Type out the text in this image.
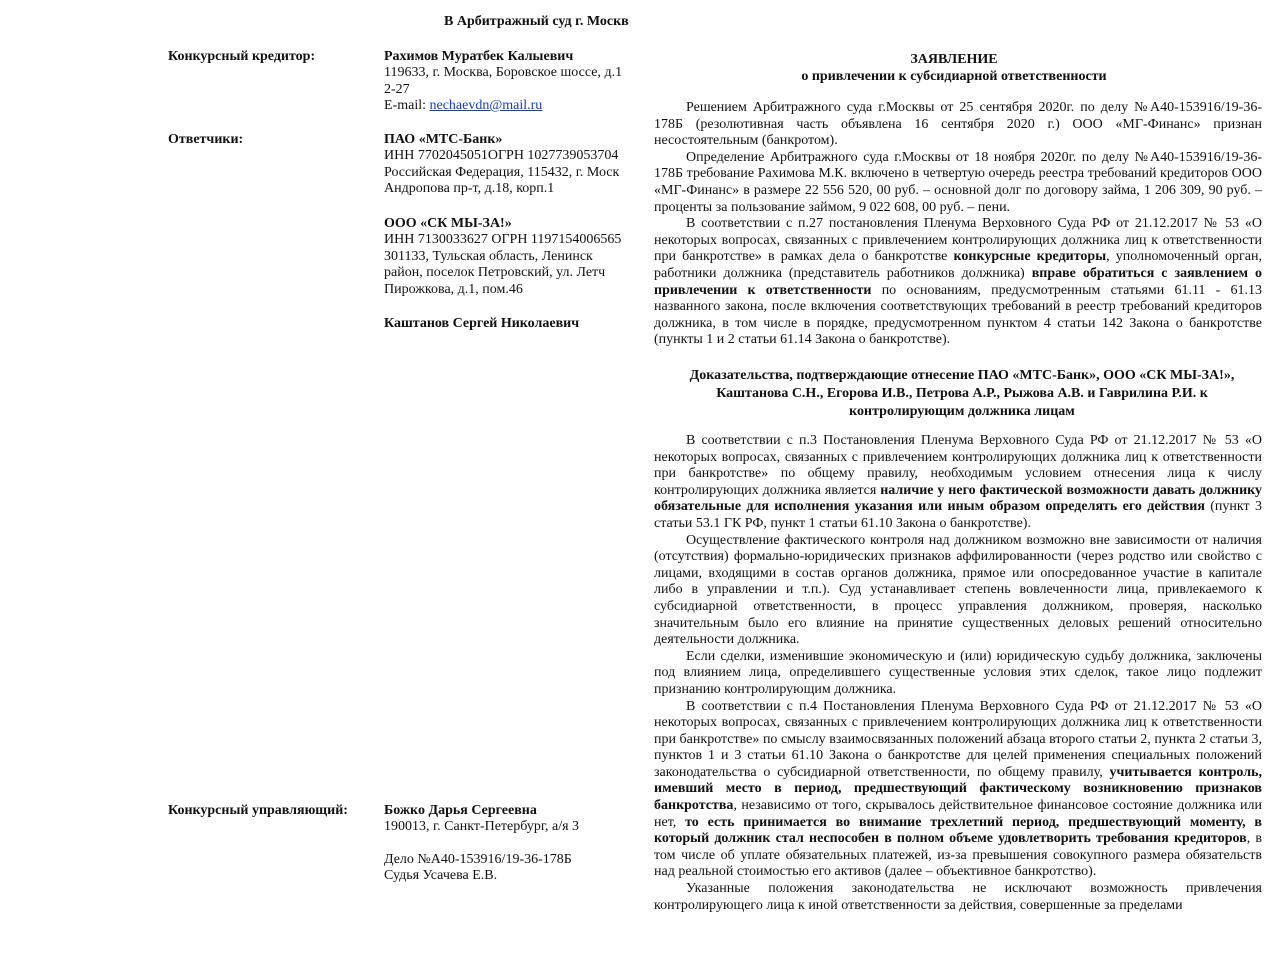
В Арбитражный суд г. Москв
Конкурсный кредитор:	Рахимов Муратбек Калыевич
119633, г. Москва, Боровское шоссе, д.1
2-27
E-mail: nechaevdn@mail.ru
Ответчики:	ПАО «МТС-Банк»
ИНН 7702045051ОГРН 1027739053704
Российская Федерация, 115432, г. Моск
Андропова пр-т, д.18, корп.1
ООО «СК МЫ-ЗА!»
ИНН 7130033627 ОГРН 1197154006565
301133, Тульская область, Ленинск
район, поселок Петровский, ул. Летч
Пирожкова, д.1, пом.46
Каштанов Сергей Николаевич
Конкурсный управляющий:	Божко Дарья Сергеевна
190013, г. Санкт-Петербург, а/я 3
Дело №А40-153916/19-36-178Б
Судья Усачева Е.В.
ЗАЯВЛЕНИЕ
о привлечении к субсидиарной ответственности

Решением Арбитражного суда г.Москвы от 25 сентября 2020г. по делу №А40-153916/19-36-178Б (резолютивная часть объявлена 16 сентября 2020 г.) ООО «МГ-Финанс» признан несостоятельным (банкротом).

Определение Арбитражного суда г.Москвы от 18 ноября 2020г. по делу №А40-153916/19-36-178Б требование Рахимова М.К. включено в четвертую очередь реестра требований кредиторов ООО «МГ-Финанс» в размере 22 556 520, 00 руб. – основной долг по договору займа, 1 206 309, 90 руб. – проценты за пользование займом, 9 022 608, 00 руб. – пени.

В соответствии с п.27 постановления Пленума Верховного Суда РФ от 21.12.2017 № 53 «О некоторых вопросах, связанных с привлечением контролирующих должника лиц к ответственности при банкротстве» в рамках дела о банкротстве конкурсные кредиторы, уполномоченный орган, работники должника (представитель работников должника) вправе обратиться с заявлением о привлечении к ответственности по основаниям, предусмотренным статьями 61.11 - 61.13 названного закона, после включения соответствующих требований в реестр требований кредиторов должника, в том числе в порядке, предусмотренном пунктом 4 статьи 142 Закона о банкротстве (пункты 1 и 2 статьи 61.14 Закона о банкротстве).

Доказательства, подтверждающие отнесение ПАО «МТС-Банк», ООО «СК МЫ-ЗА!», Каштанова С.Н., Егорова И.В., Петрова А.Р., Рыжова А.В. и Гаврилина Р.И. к контролирующим должника лицам

В соответствии с п.3 Постановления Пленума Верховного Суда РФ от 21.12.2017 № 53 «О некоторых вопросах, связанных с привлечением контролирующих должника лиц к ответственности при банкротстве» по общему правилу, необходимым условием отнесения лица к числу контролирующих должника является наличие у него фактической возможности давать должнику обязательные для исполнения указания или иным образом определять его действия (пункт 3 статьи 53.1 ГК РФ, пункт 1 статьи 61.10 Закона о банкротстве).

Осуществление фактического контроля над должником возможно вне зависимости от наличия (отсутствия) формально-юридических признаков аффилированности (через родство или свойство с лицами, входящими в состав органов должника, прямое или опосредованное участие в капитале либо в управлении и т.п.). Суд устанавливает степень вовлеченности лица, привлекаемого к субсидиарной ответственности, в процесс управления должником, проверяя, насколько значительным было его влияние на принятие существенных деловых решений относительно деятельности должника.

Если сделки, изменившие экономическую и (или) юридическую судьбу должника, заключены под влиянием лица, определившего существенные условия этих сделок, такое лицо подлежит признанию контролирующим должника.

В соответствии с п.4 Постановления Пленума Верховного Суда РФ от 21.12.2017 № 53 «О некоторых вопросах, связанных с привлечением контролирующих должника лиц к ответственности при банкротстве» по смыслу взаимосвязанных положений абзаца второго статьи 2, пункта 2 статьи 3, пунктов 1 и 3 статьи 61.10 Закона о банкротстве для целей применения специальных положений законодательства о субсидиарной ответственности, по общему правилу, учитывается контроль, имевший место в период, предшествующий фактическому возникновению признаков банкротства, независимо от того, скрывалось действительное финансовое состояние должника или нет, то есть принимается во внимание трехлетний период, предшествующий моменту, в который должник стал неспособен в полном объеме удовлетворить требования кредиторов, в том числе об уплате обязательных платежей, из-за превышения совокупного размера обязательств над реальной стоимостью его активов (далее – объективное банкротство).

Указанные положения законодательства не исключают возможность привлечения контролирующего лица к иной ответственности за действия, совершенные за пределами
